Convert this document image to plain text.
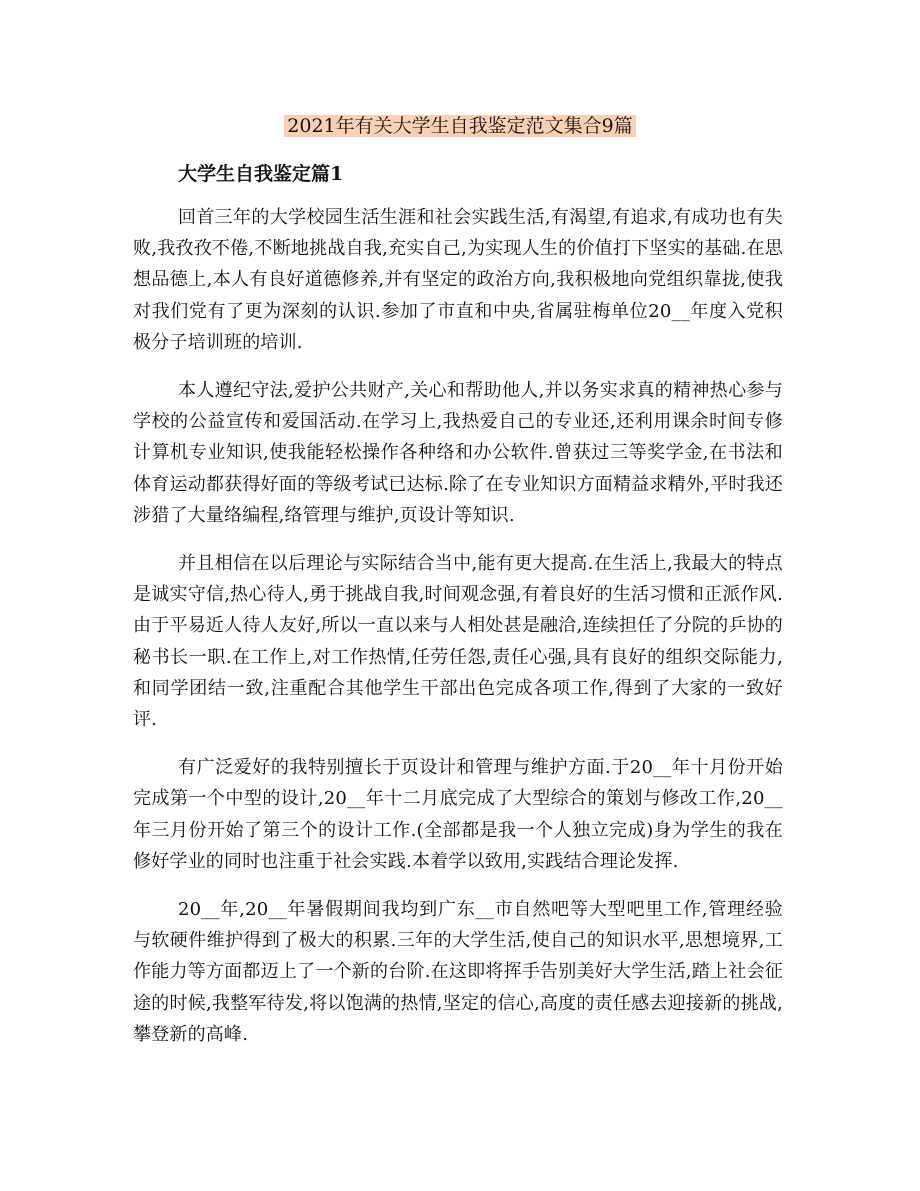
2021年有关大学生自我鉴定范文集合9篇
大学生自我鉴定篇1

回首三年的大学校园生活生涯和社会实践生活,有渴望,有追求,有成功也有失败,我孜孜不倦,不断地挑战自我,充实自己,为实现人生的价值打下坚实的基础.在思想品德上,本人有良好道德修养,并有坚定的政治方向,我积极地向党组织靠拢,使我对我们党有了更为深刻的认识.参加了市直和中央,省属驻梅单位20__年度入党积极分子培训班的培训.

本人遵纪守法,爱护公共财产,关心和帮助他人,并以务实求真的精神热心参与学校的公益宣传和爱国活动.在学习上,我热爱自己的专业还,还利用课余时间专修计算机专业知识,使我能轻松操作各种络和办公软件.曾获过三等奖学金,在书法和体育运动都获得好面的等级考试已达标.除了在专业知识方面精益求精外,平时我还涉猎了大量络编程,络管理与维护,页设计等知识.

并且相信在以后理论与实际结合当中,能有更大提高.在生活上,我最大的特点是诚实守信,热心待人,勇于挑战自我,时间观念强,有着良好的生活习惯和正派作风.由于平易近人待人友好,所以一直以来与人相处甚是融洽,连续担任了分院的乒协的秘书长一职.在工作上,对工作热情,任劳任怨,责任心强,具有良好的组织交际能力,和同学团结一致,注重配合其他学生干部出色完成各项工作,得到了大家的一致好评.

有广泛爱好的我特别擅长于页设计和管理与维护方面.于20__年十月份开始完成第一个中型的设计,20__年十二月底完成了大型综合的策划与修改工作,20__年三月份开始了第三个的设计工作.(全部都是我一个人独立完成)身为学生的我在修好学业的同时也注重于社会实践.本着学以致用,实践结合理论发挥.

20__年,20__年暑假期间我均到广东__市自然吧等大型吧里工作,管理经验与软硬件维护得到了极大的积累.三年的大学生活,使自己的知识水平,思想境界,工作能力等方面都迈上了一个新的台阶.在这即将挥手告别美好大学生活,踏上社会征途的时候,我整军待发,将以饱满的热情,坚定的信心,高度的责任感去迎接新的挑战,攀登新的高峰.
